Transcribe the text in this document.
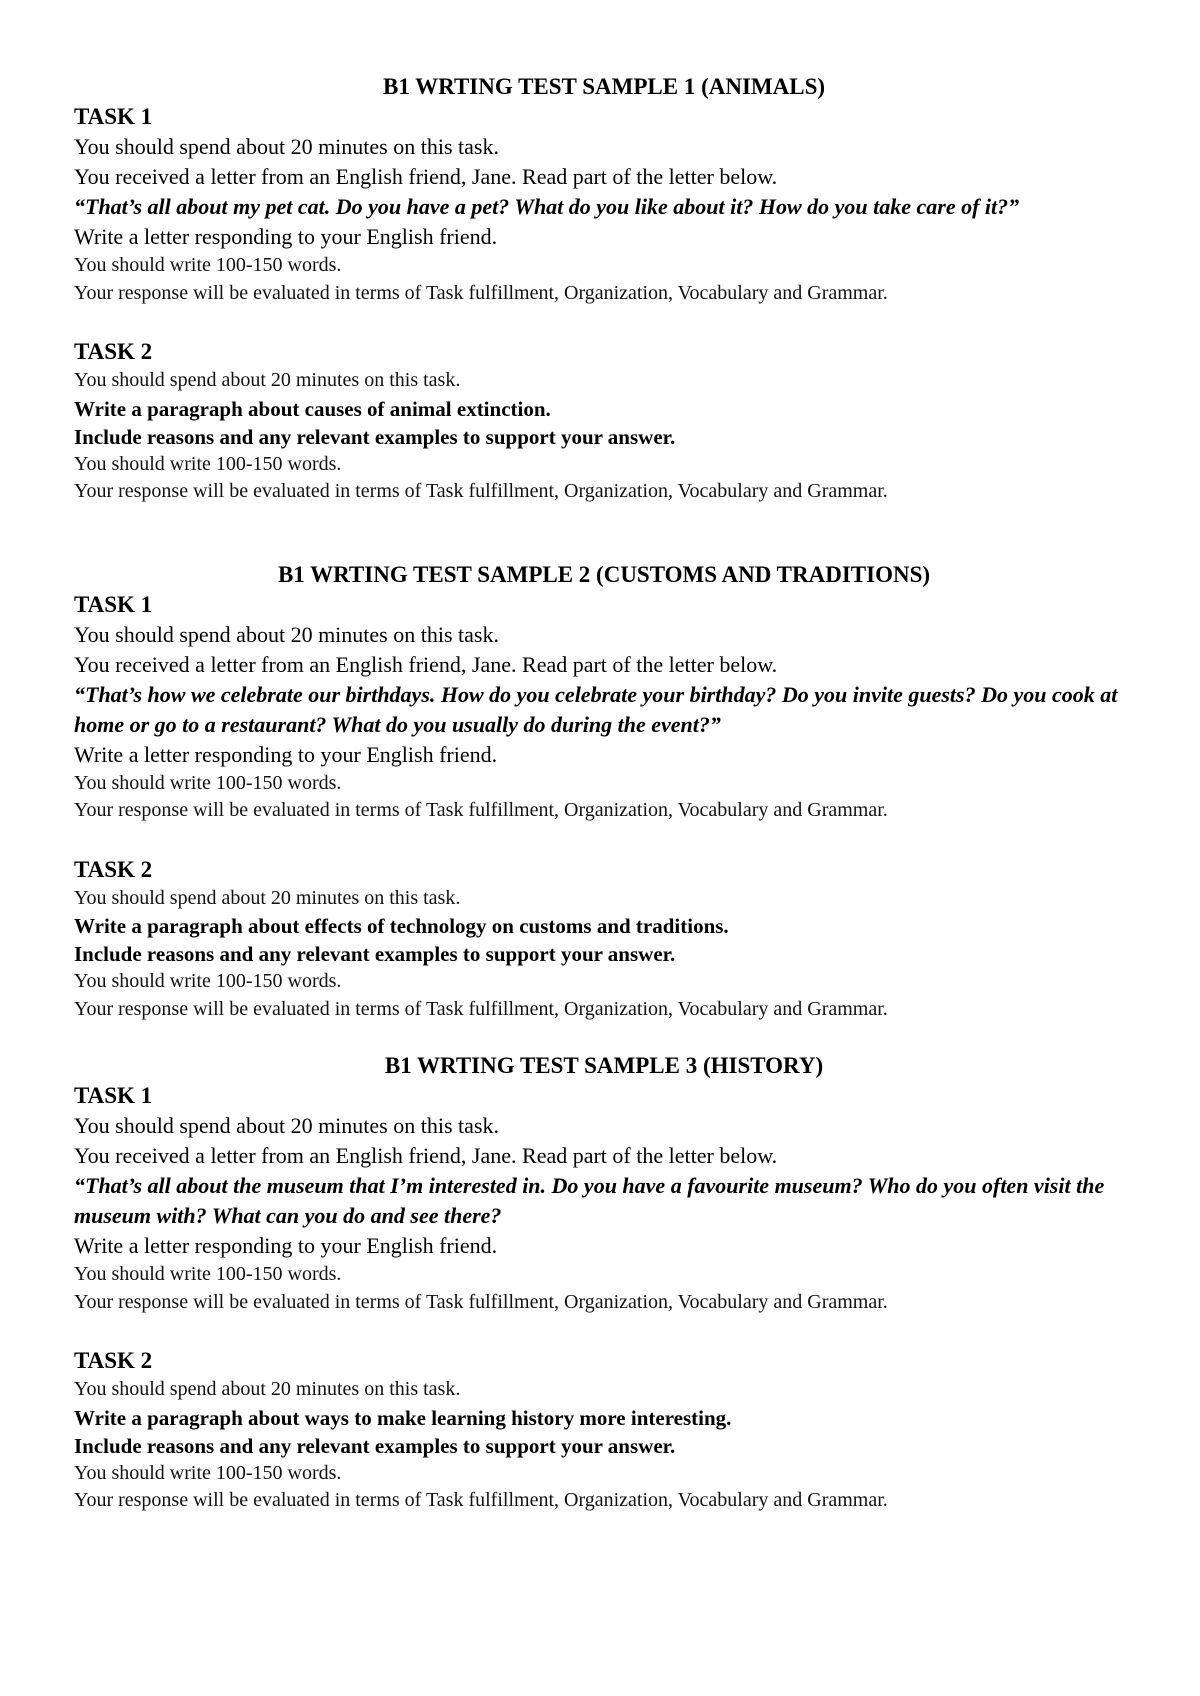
B1 WRTING TEST SAMPLE 1 (ANIMALS)
TASK 1
You should spend about 20 minutes on this task.
You received a letter from an English friend, Jane. Read part of the letter below.
“That’s all about my pet cat. Do you have a pet? What do you like about it? How do you take care of it?”
Write a letter responding to your English friend.
You should write 100-150 words.
Your response will be evaluated in terms of Task fulfillment, Organization, Vocabulary and Grammar.
TASK 2
You should spend about 20 minutes on this task.
Write a paragraph about causes of animal extinction.
Include reasons and any relevant examples to support your answer.
You should write 100-150 words.
Your response will be evaluated in terms of Task fulfillment, Organization, Vocabulary and Grammar.
B1 WRTING TEST SAMPLE 2 (CUSTOMS AND TRADITIONS)
TASK 1
You should spend about 20 minutes on this task.
You received a letter from an English friend, Jane. Read part of the letter below.
“That’s how we celebrate our birthdays. How do you celebrate your birthday? Do you invite guests? Do you cook at home or go to a restaurant? What do you usually do during the event?”
Write a letter responding to your English friend.
You should write 100-150 words.
Your response will be evaluated in terms of Task fulfillment, Organization, Vocabulary and Grammar.
TASK 2
You should spend about 20 minutes on this task.
Write a paragraph about effects of technology on customs and traditions.
Include reasons and any relevant examples to support your answer.
You should write 100-150 words.
Your response will be evaluated in terms of Task fulfillment, Organization, Vocabulary and Grammar.
B1 WRTING TEST SAMPLE 3 (HISTORY)
TASK 1
You should spend about 20 minutes on this task.
You received a letter from an English friend, Jane. Read part of the letter below.
“That’s all about the museum that I’m interested in. Do you have a favourite museum? Who do you often visit the museum with? What can you do and see there?
Write a letter responding to your English friend.
You should write 100-150 words.
Your response will be evaluated in terms of Task fulfillment, Organization, Vocabulary and Grammar.
TASK 2
You should spend about 20 minutes on this task.
Write a paragraph about ways to make learning history more interesting.
Include reasons and any relevant examples to support your answer.
You should write 100-150 words.
Your response will be evaluated in terms of Task fulfillment, Organization, Vocabulary and Grammar.
